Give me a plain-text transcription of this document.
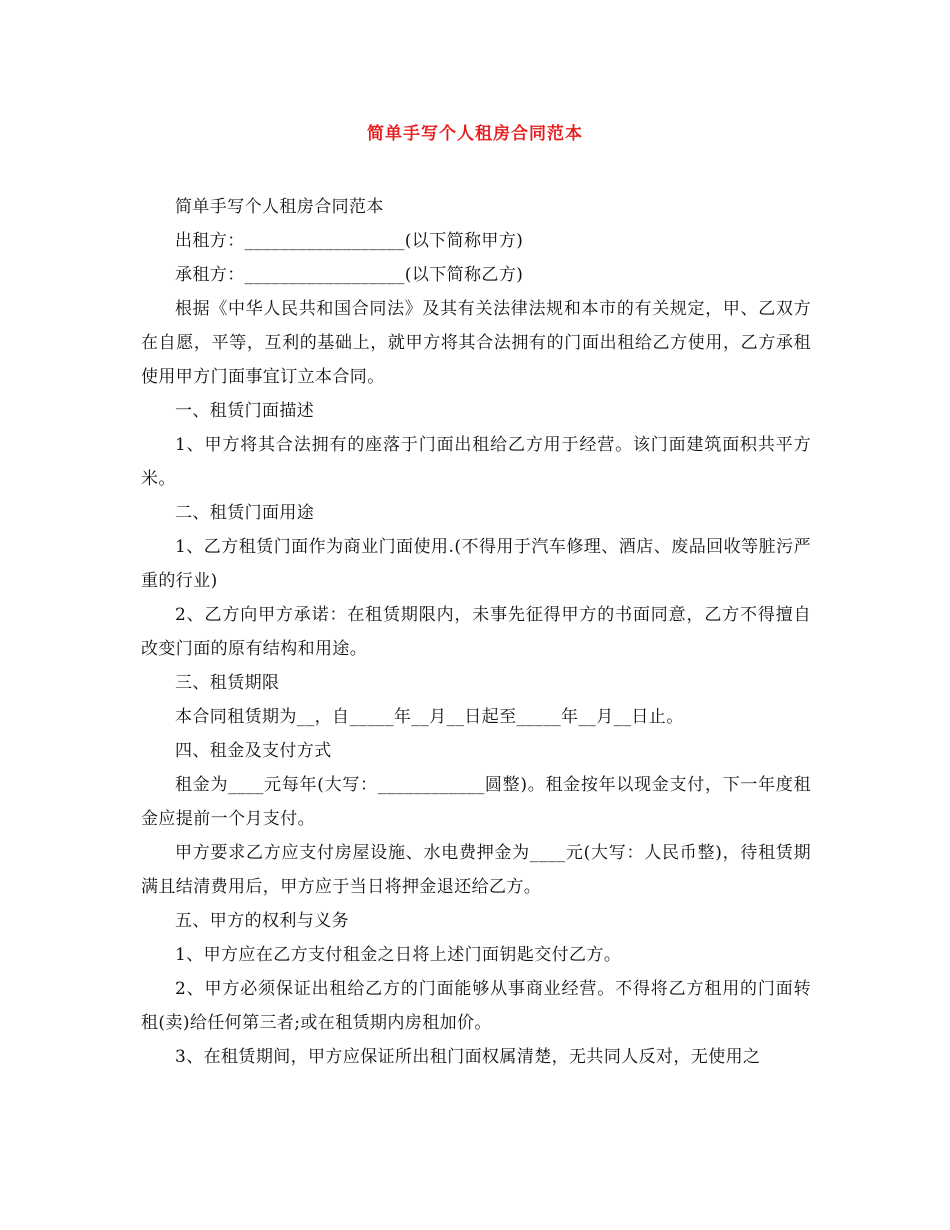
简单手写个人租房合同范本

简单手写个人租房合同范本

出租方：__________________(以下简称甲方)

承租方：__________________(以下简称乙方)

根据《中华人民共和国合同法》及其有关法律法规和本市的有关规定，甲、乙双方在自愿，平等，互利的基础上，就甲方将其合法拥有的门面出租给乙方使用，乙方承租使用甲方门面事宜订立本合同。

一、租赁门面描述

1、甲方将其合法拥有的座落于门面出租给乙方用于经营。该门面建筑面积共平方米。

二、租赁门面用途

1、乙方租赁门面作为商业门面使用.(不得用于汽车修理、酒店、废品回收等脏污严重的行业)

2、乙方向甲方承诺：在租赁期限内，未事先征得甲方的书面同意，乙方不得擅自改变门面的原有结构和用途。

三、租赁期限

本合同租赁期为__，自_____年__月__日起至_____年__月__日止。

四、租金及支付方式

租金为____元每年(大写：____________圆整)。租金按年以现金支付，下一年度租金应提前一个月支付。

甲方要求乙方应支付房屋设施、水电费押金为____元(大写：人民币整)，待租赁期满且结清费用后，甲方应于当日将押金退还给乙方。

五、甲方的权利与义务

1、甲方应在乙方支付租金之日将上述门面钥匙交付乙方。

2、甲方必须保证出租给乙方的门面能够从事商业经营。不得将乙方租用的门面转租(卖)给任何第三者;或在租赁期内房租加价。

3、在租赁期间，甲方应保证所出租门面权属清楚，无共同人反对，无使用之
